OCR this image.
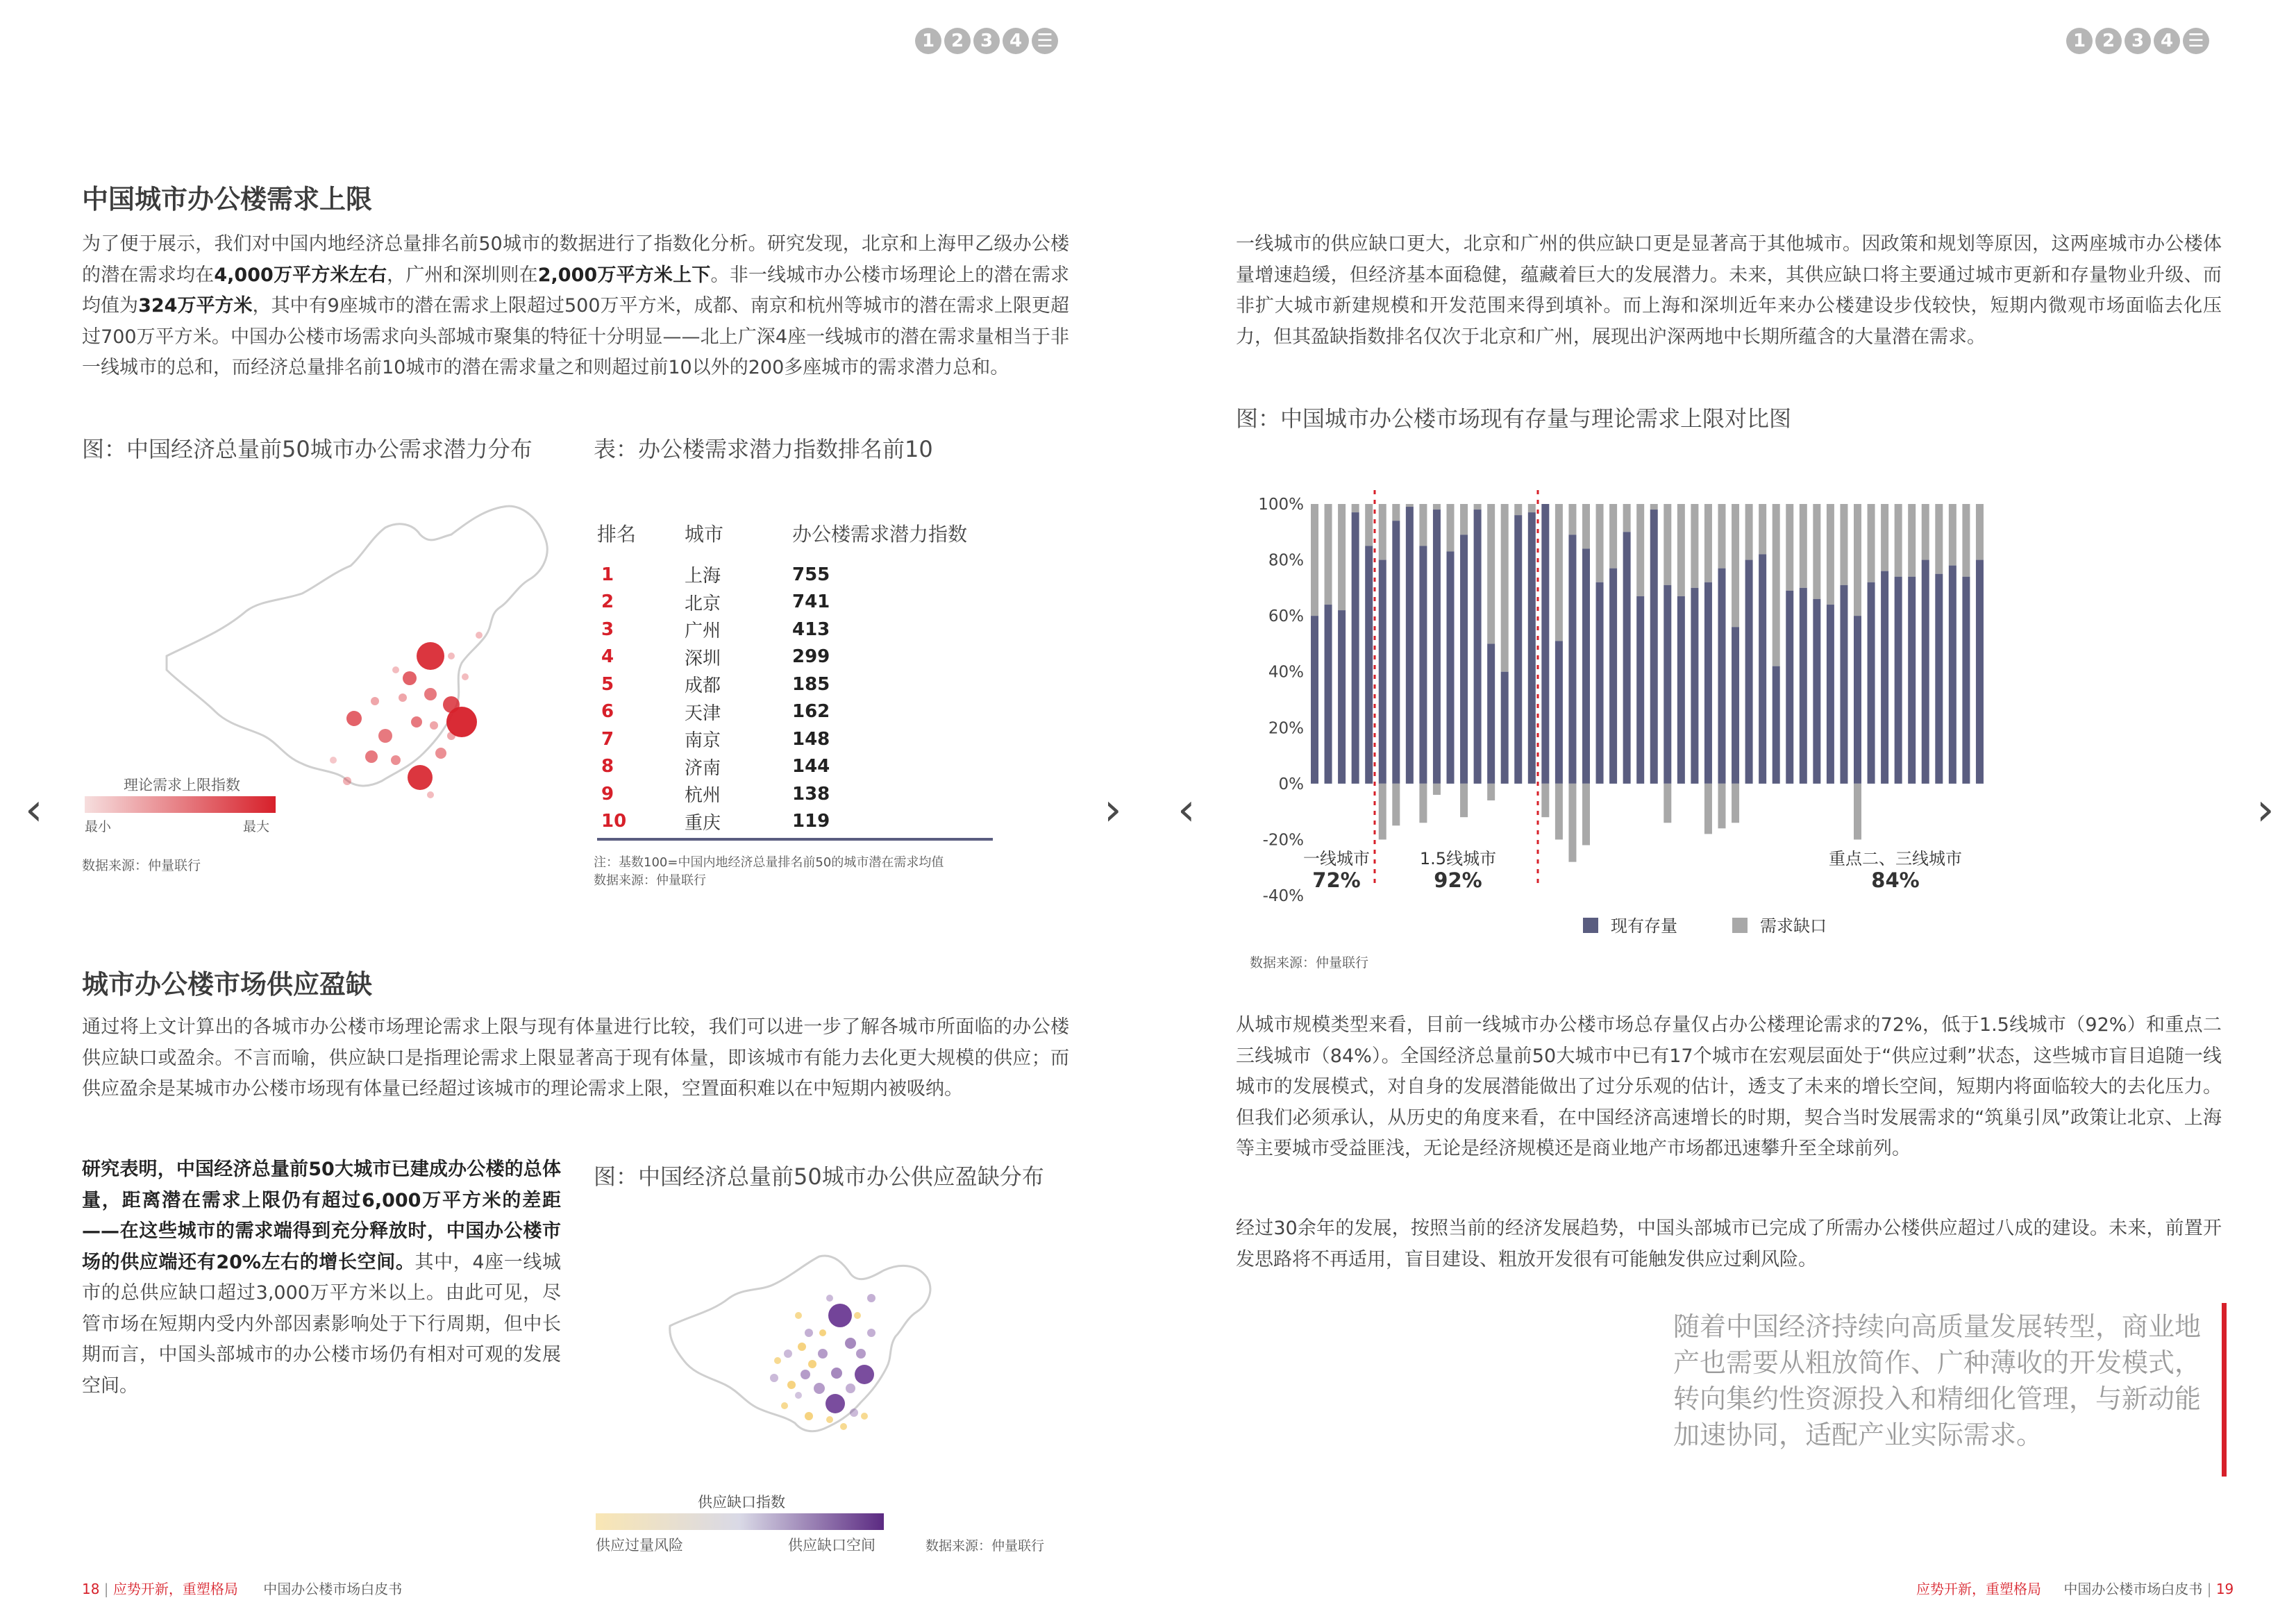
1 2 3 4 ☰	1 2 3 4 ☰
‹	› ‹	›
中国城市办公楼需求上限

为了便于展示，我们对中国内地经济总量排名前50城市的数据进行了指数化分析。研究发现，北京和上海甲乙级办公楼的潜在需求均在4,000万平方米左右，广州和深圳则在2,000万平方米上下。非一线城市办公楼市场理论上的潜在需求均值为324万平方米，其中有9座城市的潜在需求上限超过500万平方米，成都、南京和杭州等城市的潜在需求上限更超过700万平方米。中国办公楼市场需求向头部城市聚集的特征十分明显——北上广深4座一线城市的潜在需求量相当于非一线城市的总和，而经济总量排名前10城市的潜在需求量之和则超过前10以外的200多座城市的需求潜力总和。

图：中国经济总量前50城市办公需求潜力分布	表：办公楼需求潜力指数排名前10
理论需求上限指数
最小	最大
数据来源：仲量联行
排名	城市	办公楼需求潜力指数
1	上海	755
2	北京	741
3	广州	413
4	深圳	299
5	成都	185
6	天津	162
7	南京	148
8	济南	144
9	杭州	138
10	重庆	119
注：基数100=中国内地经济总量排名前50的城市潜在需求均值
数据来源：仲量联行
城市办公楼市场供应盈缺

通过将上文计算出的各城市办公楼市场理论需求上限与现有体量进行比较，我们可以进一步了解各城市所面临的办公楼供应缺口或盈余。不言而喻，供应缺口是指理论需求上限显著高于现有体量，即该城市有能力去化更大规模的供应；而供应盈余是某城市办公楼市场现有体量已经超过该城市的理论需求上限，空置面积难以在中短期内被吸纳。

研究表明，中国经济总量前50大城市已建成办公楼的总体量，距离潜在需求上限仍有超过6,000万平方米的差距——在这些城市的需求端得到充分释放时，中国办公楼市场的供应端还有20%左右的增长空间。其中，4座一线城市的总供应缺口超过3,000万平方米以上。由此可见，尽管市场在短期内受内外部因素影响处于下行周期，但中长期而言，中国头部城市的办公楼市场仍有相对可观的发展空间。

图：中国经济总量前50城市办公供应盈缺分布
供应缺口指数
供应过量风险	供应缺口空间	数据来源：仲量联行
18 | 应势开新，重塑格局 中国办公楼市场白皮书

一线城市的供应缺口更大，北京和广州的供应缺口更是显著高于其他城市。因政策和规划等原因，这两座城市办公楼体量增速趋缓，但经济基本面稳健，蕴藏着巨大的发展潜力。未来，其供应缺口将主要通过城市更新和存量物业升级、而非扩大城市新建规模和开发范围来得到填补。而上海和深圳近年来办公楼建设步伐较快，短期内微观市场面临去化压力，但其盈缺指数排名仅次于北京和广州，展现出沪深两地中长期所蕴含的大量潜在需求。

图：中国城市办公楼市场现有存量与理论需求上限对比图
100%
80%
60%
40%
20%
0%
-20%
-40%
一线城市
72%
1.5线城市
92%
重点二、三线城市
84%
现有存量	需求缺口
数据来源：仲量联行

从城市规模类型来看，目前一线城市办公楼市场总存量仅占办公楼理论需求的72%，低于1.5线城市（92%）和重点二三线城市（84%）。全国经济总量前50大城市中已有17个城市在宏观层面处于“供应过剩”状态，这些城市盲目追随一线城市的发展模式，对自身的发展潜能做出了过分乐观的估计，透支了未来的增长空间，短期内将面临较大的去化压力。但我们必须承认，从历史的角度来看，在中国经济高速增长的时期，契合当时发展需求的“筑巢引凤”政策让北京、上海等主要城市受益匪浅，无论是经济规模还是商业地产市场都迅速攀升至全球前列。

经过30余年的发展，按照当前的经济发展趋势，中国头部城市已完成了所需办公楼供应超过八成的建设。未来，前置开发思路将不再适用，盲目建设、粗放开发很有可能触发供应过剩风险。

随着中国经济持续向高质量发展转型，商业地产也需要从粗放简作、广种薄收的开发模式，转向集约性资源投入和精细化管理，与新动能加速协同，适配产业实际需求。
应势开新，重塑格局 中国办公楼市场白皮书 | 19
